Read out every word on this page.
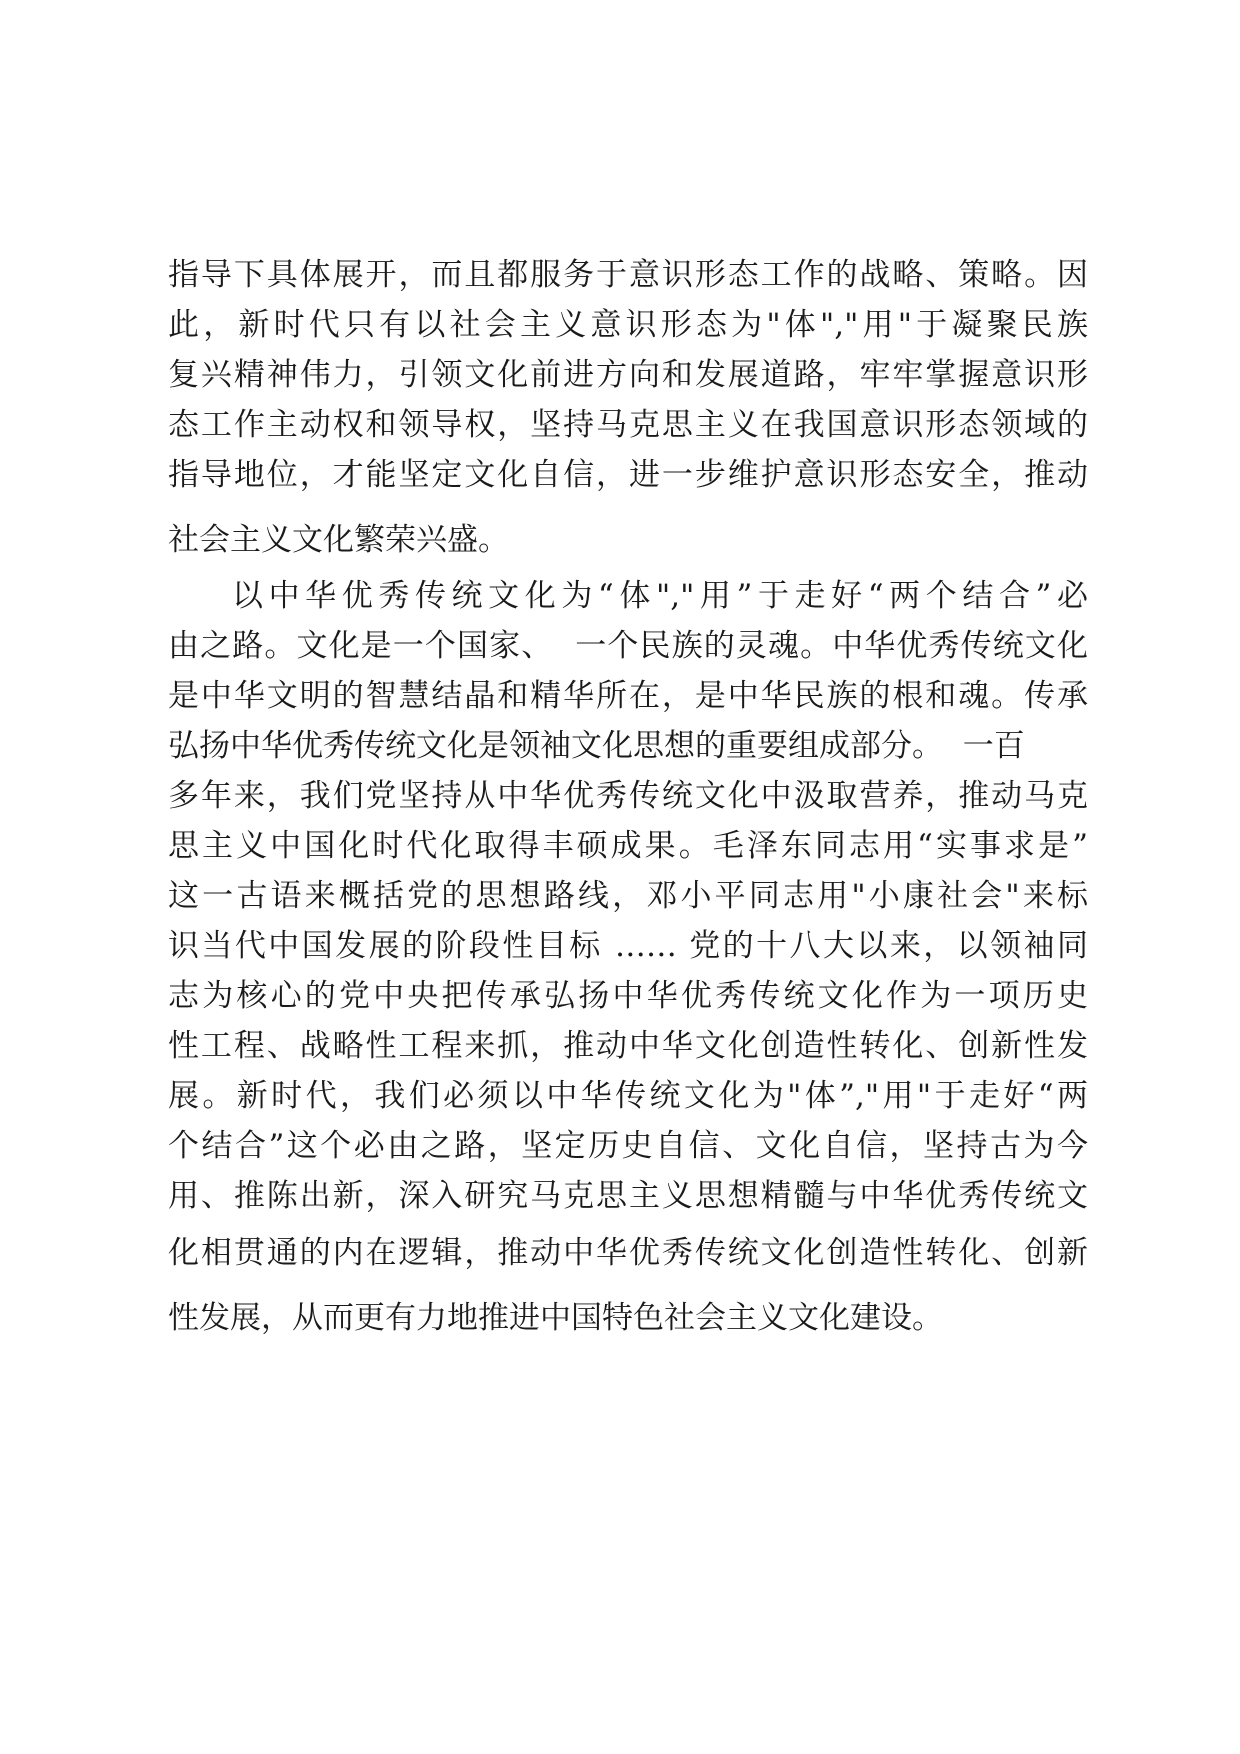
指导下具体展开，而且都服务于意识形态工作的战略、策略。因
此，新时代只有以社会主义意识形态为"体","用"于凝聚民族
复兴精神伟力，引领文化前进方向和发展道路，牢牢掌握意识形
态工作主动权和领导权，坚持马克思主义在我国意识形态领域的
指导地位，才能坚定文化自信，进一步维护意识形态安全，推动
社会主义文化繁荣兴盛。
以中华优秀传统文化为“体","用”于走好“两个结合”必
由之路。文化是一个国家、  一个民族的灵魂。中华优秀传统文化
是中华文明的智慧结晶和精华所在，是中华民族的根和魂。传承
弘扬中华优秀传统文化是领袖文化思想的重要组成部分。  一百
多年来，我们党坚持从中华优秀传统文化中汲取营养，推动马克
思主义中国化时代化取得丰硕成果。毛泽东同志用“实事求是”
这一古语来概括党的思想路线，邓小平同志用"小康社会"来标
识当代中国发展的阶段性目标 …… 党的十八大以来，以领袖同
志为核心的党中央把传承弘扬中华优秀传统文化作为一项历史
性工程、战略性工程来抓，推动中华文化创造性转化、创新性发
展。新时代，我们必须以中华传统文化为"体”,"用"于走好“两
个结合”这个必由之路，坚定历史自信、文化自信，坚持古为今
用、推陈出新，深入研究马克思主义思想精髓与中华优秀传统文
化相贯通的内在逻辑，推动中华优秀传统文化创造性转化、创新
性发展，从而更有力地推进中国特色社会主义文化建设。
